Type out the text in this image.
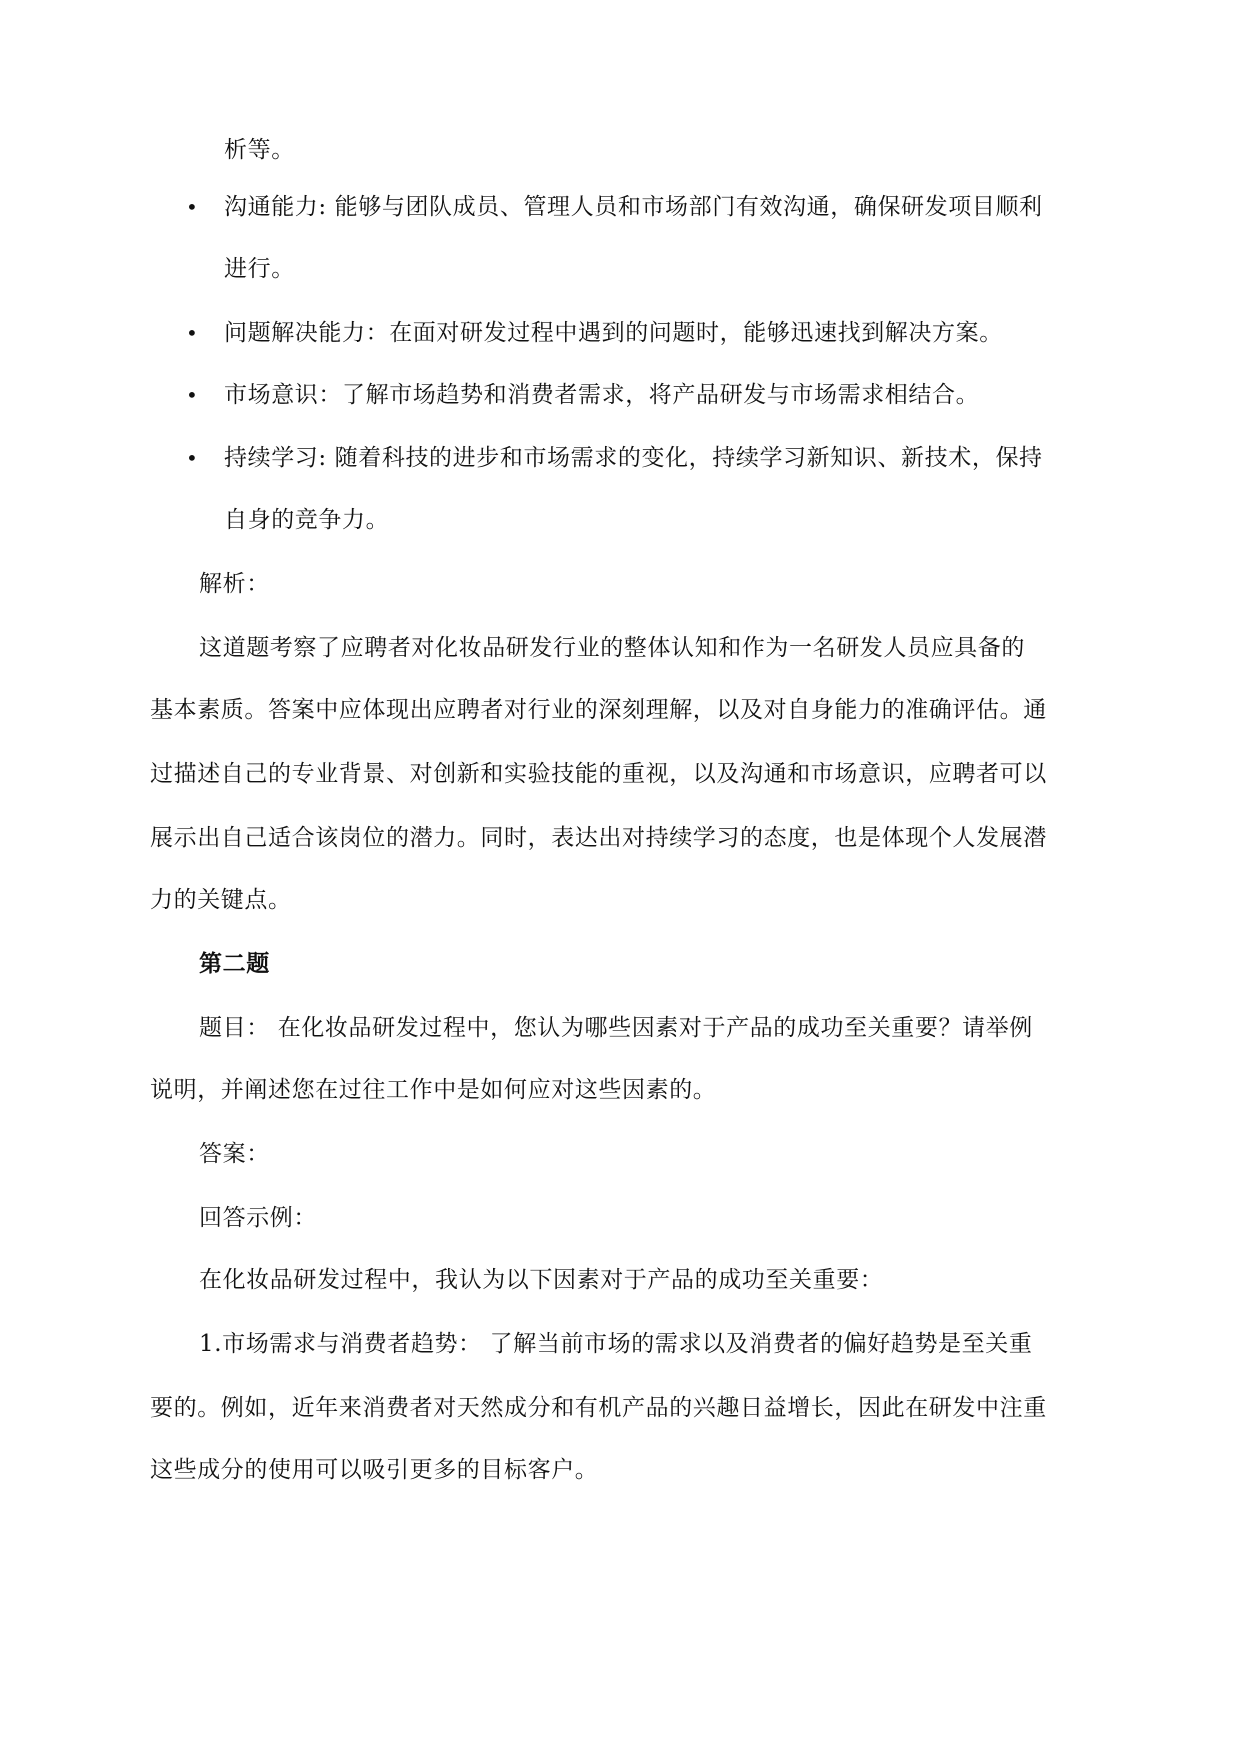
析等。
• 沟通能力: 能够与团队成员、管理人员和市场部门有效沟通，确保研发项目顺利
进行。
• 问题解决能力：在面对研发过程中遇到的问题时，能够迅速找到解决方案。
• 市场意识：了解市场趋势和消费者需求，将产品研发与市场需求相结合。
• 持续学习: 随着科技的进步和市场需求的变化，持续学习新知识、新技术，保持
自身的竞争力。
解析：
这道题考察了应聘者对化妆品研发行业的整体认知和作为一名研发人员应具备的
基本素质。答案中应体现出应聘者对行业的深刻理解，以及对自身能力的准确评估。通
过描述自己的专业背景、对创新和实验技能的重视，以及沟通和市场意识，应聘者可以
展示出自己适合该岗位的潜力。同时，表达出对持续学习的态度，也是体现个人发展潜
力的关键点。
第二题
题目： 在化妆品研发过程中，您认为哪些因素对于产品的成功至关重要？请举例
说明，并阐述您在过往工作中是如何应对这些因素的。
答案：
回答示例：
在化妆品研发过程中，我认为以下因素对于产品的成功至关重要：
1.市场需求与消费者趋势： 了解当前市场的需求以及消费者的偏好趋势是至关重
要的。例如，近年来消费者对天然成分和有机产品的兴趣日益增长，因此在研发中注重
这些成分的使用可以吸引更多的目标客户。
